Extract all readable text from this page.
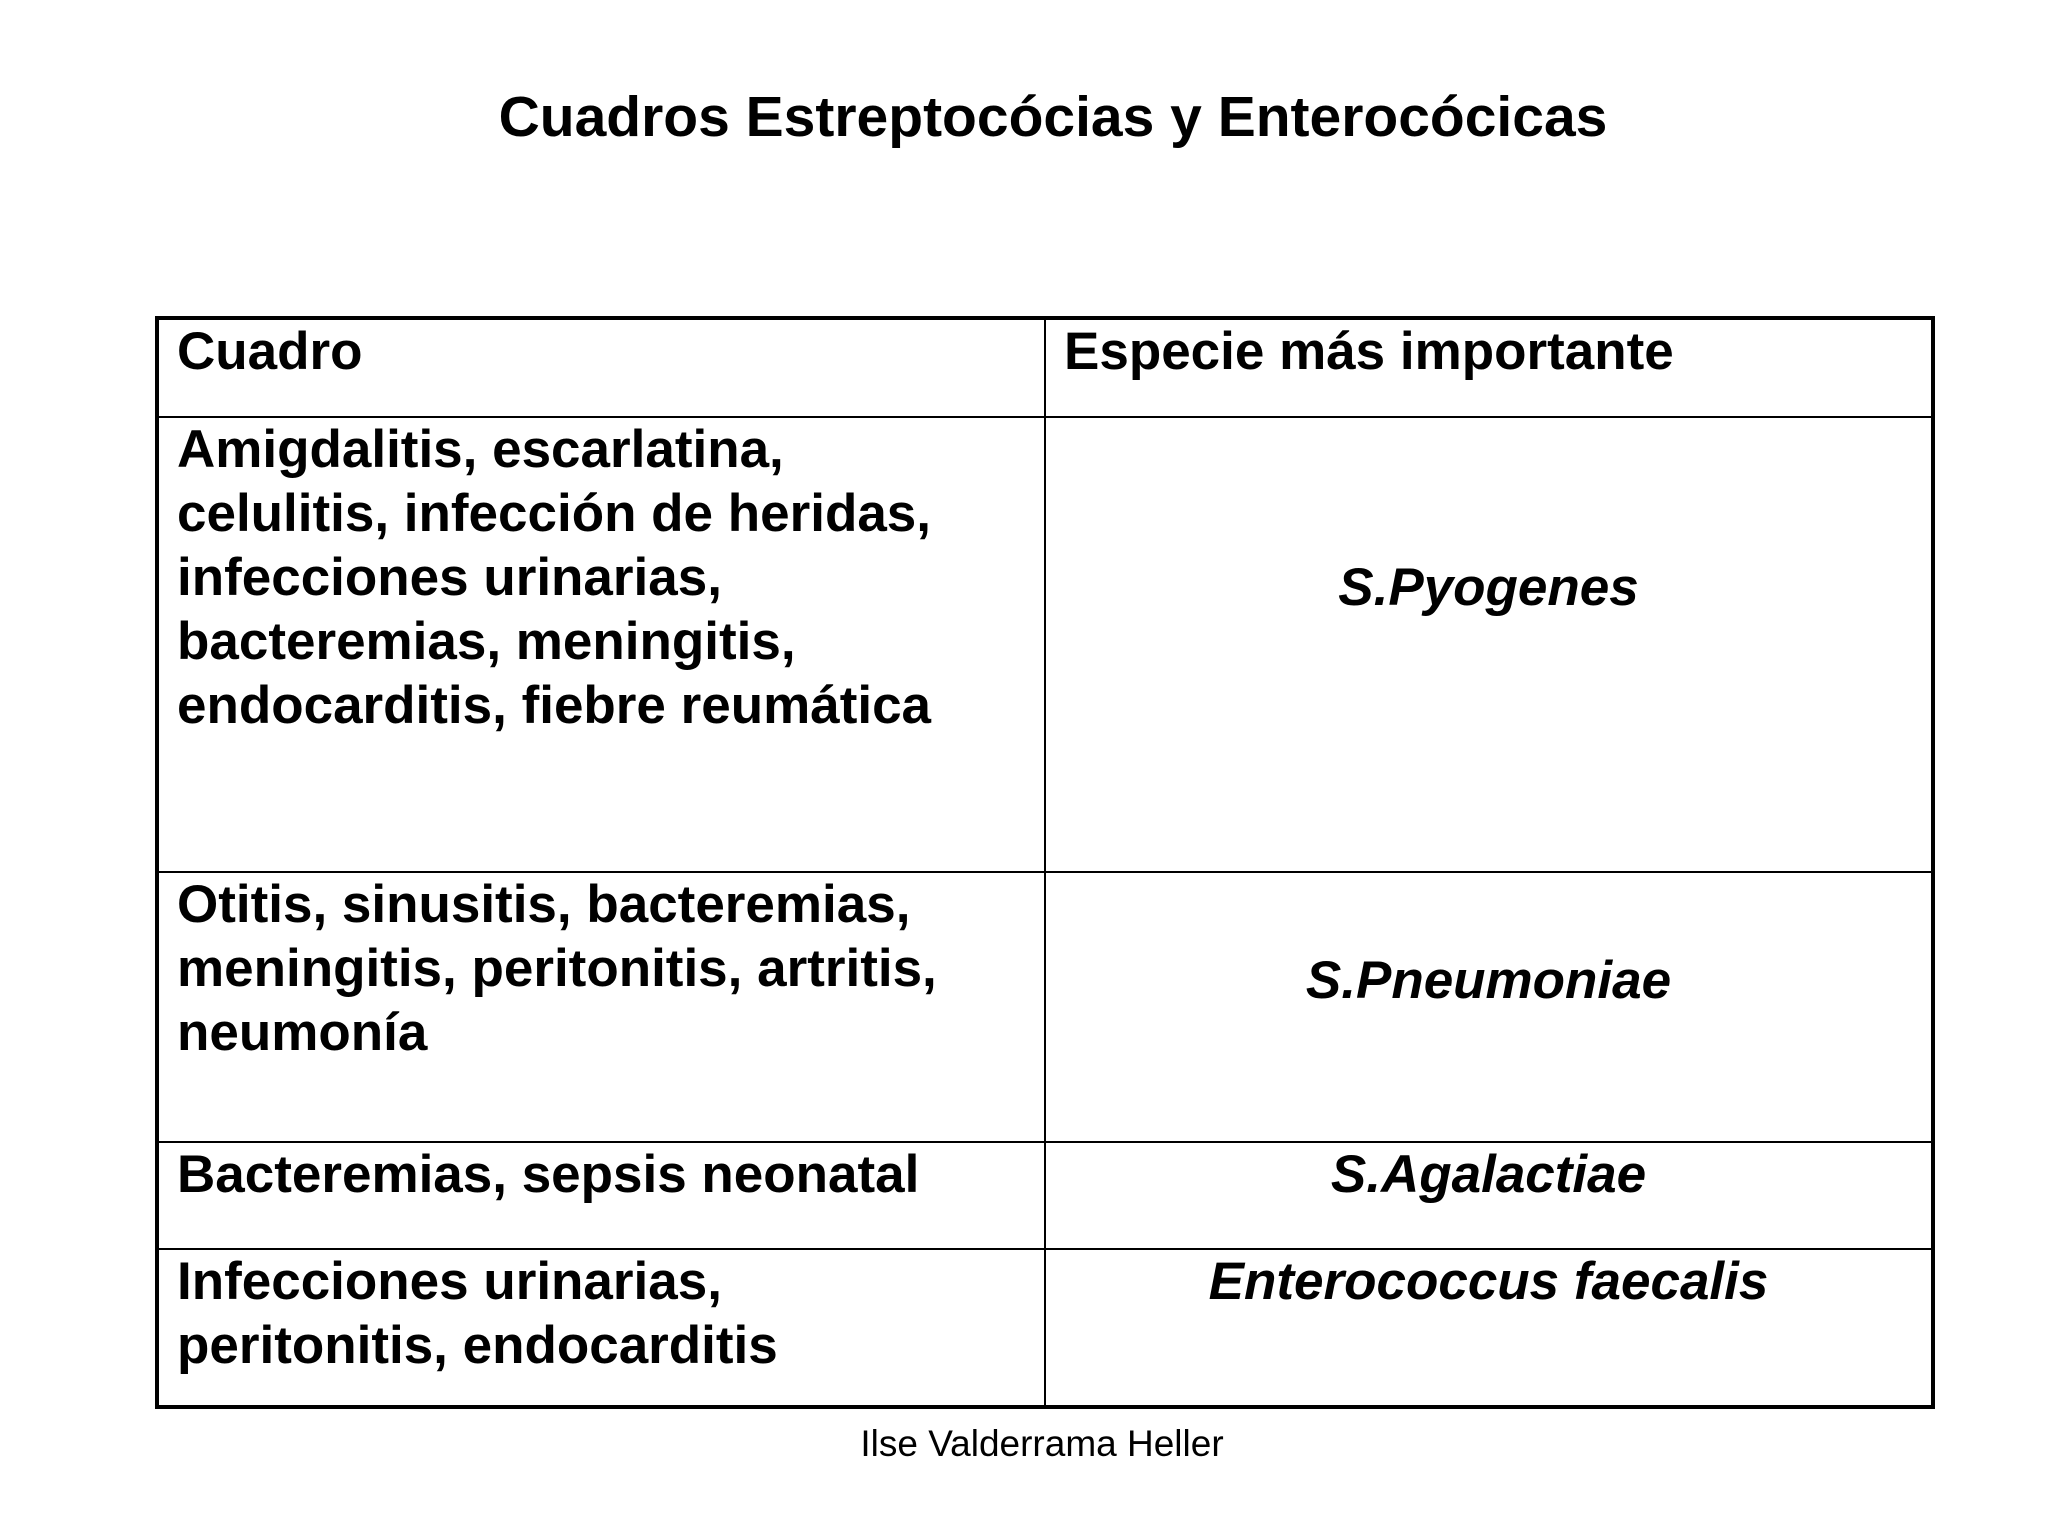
Cuadros Estreptocócias y Enterocócicas
Cuadro	Especie más importante

Amigdalitis, escarlatina,
celulitis, infección de heridas,
infecciones urinarias,
bacteremias, meningitis,
endocarditis, fiebre reumática	S.Pyogenes

Otitis, sinusitis, bacteremias,
meningitis, peritonitis, artritis,
neumonía	S.Pneumoniae

Bacteremias, sepsis neonatal	S.Agalactiae

Infecciones urinarias,
peritonitis, endocarditis	Enterococcus faecalis
Ilse Valderrama Heller
